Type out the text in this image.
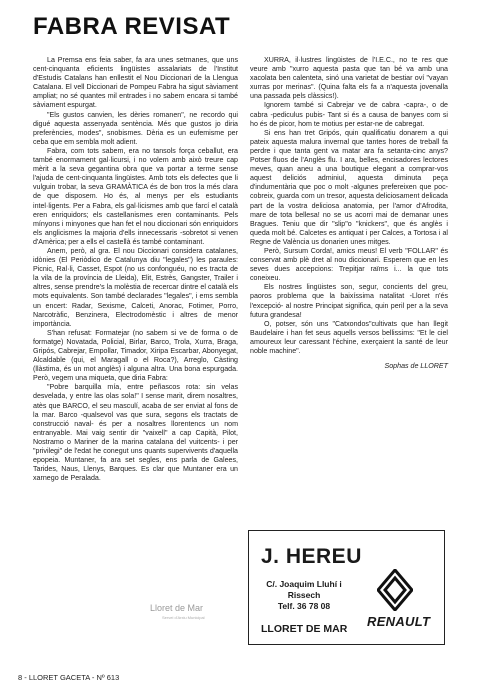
FABRA REVISAT

La Premsa ens feia saber, fa ara unes setmanes, que uns cent-cinquanta eficients lingüistes assalariats de l'Institut d'Estudis Catalans han enllestit el Nou Diccionari de la Llengua Catalana. El vell Diccionari de Pompeu Fabra ha sigut sàviament ampliat; no sé quantes mil entrades i no sabem encara si també sàviament espurgat.

"Els gustos canvien, les dèries romanen", ne recordo qui digué aquesta assenyada sentència. Més que gustos jo diria preferències, modes", snobismes. Dèria es un eufemisme per ceba que em sembla molt adient.

Fabra, com tots sabem, era no tansols força ceballut, era també enormament gal·licursi, i no volem amb això treure cap mèrit a la seva gegantina obra que va portar a terme sense l'ajuda de cent-cinquanta lingüistes. Amb tots els defectes que li vulguin trobar, la seva GRAMÀTICA és de bon tros la més clara de que disposem. Ho és, al menys per els estudiants intel·ligents. Per a Fabra, els gal·licismes amb que farcí el català eren enriquidors; els castellanismes eren contaminants. Pels mínyons i minyones que han fet el nou diccionari són enriquidors els anglicismes la majoria d'ells innecessaris -sobretot si venen d'Amèrica; per a ells el castellà és també contaminant.

Anem, però, al gra. El nou Diccionari considera catalanes, idònies (El Periòdico de Catalunya diu "legales") les paraules: Picnic, Ral·li, Casset, Espot (no us confonguéu, no es tracta de la vila de la província de Lleida), Elit, Estrès, Gangster, Trailer i altres, sense prendre's la molèstia de recercar dintre el català els mots equivalents. Son també declarades "legales", i ems sembla un encert: Radar, Sexisme, Calceti, Anorac, Fotimer, Porro, Narcotràfic, Benzinera, Electrodomèstic i altres de menor importància.

S'han refusat: Formatejar (no sabem si ve de forma o de formatge) Novatada, Policial, Birlar, Barco, Trola, Xurra, Braga, Gripós, Cabrejar, Empollar, Timador, Xiripa Escarbar, Abonyegat, Alcaldable (qui, el Maragall o el Roca?), Arreglo, Càsting (llàstima, és un mot anglès) i alguna altra. Una bona espurgada. Però, vegem una miqueta, que diria Fabra:

"Pobre barquilla mía, entre peñascos rota: sin velas desvelada, y entre las olas sola!" I sense marit, direm nosaltres, atès que BARCO, el seu masculí, acaba de ser enviat al fons de la mar. Barco -qualsevol vas que sura, segons els tractats de construcció naval- és per a nosaltres llorentencs un nom entranyable. Mai vaig sentir dir "vaixell" a cap Capità, Pilot, Nostramo o Mariner de la marina catalana del vuitcents- i per "privilegi" de l'edat he conegut uns quants supervivents d'aquella epopeia. Muntaner, fa ara set segles, ens parla de Galees, Tarides, Naus, Llenys, Barques. Es clar que Muntaner era un xarnego de Peralada.

XURRA, il·lustres lingüistes de l'I.E.C., no te res que veure amb "xurro aquesta pasta que tan bé va amb una xacolata ben calenteta, sinó una varietat de bestiar oví "vayan xurras por merinas". (Quina falta els fa a n'aquesta jovenalla una passada pels clàssics!).

Ignorem també si Cabrejar ve de cabra -capra-, o de cabra -pediculus pubis- Tant si és a causa de banyes com si ho és de picor, hom te motius per estar-ne de cabregat.

Si ens han tret Gripós, quin qualificatiu donarem a qui pateix aquesta malura invernal que tantes hores de treball fa perdre i que tanta gent va matar ara fa setanta-cinc anys? Potser fluos de l'Anglès flu. I ara, belles, encisadores lectores meves, quan aneu a una boutique elegant a comprar-vos aquest deliciós adminiul, aquesta diminuta peça d'indumentària que poc o molt -algunes prefereixen que poc- cobreix, guarda com un tresor, aquesta deliciosament delicada part de la vostra deliciosa anatomia, per l'amor d'Afrodita, mare de tota bellesa! no se us acorri mai de demanar unes Bragues. Teniu que dir "slip"o "knickers", que és anglès i queda molt bé. Calcetes es antiquat i per Calces, a Tortosa i al Regne de València us donarien unes mitges.

Però, Sursum Corda!, amics meus! El verb "FOLLAR" és conservat amb plè dret al nou diccionari. Esperem que en les seves dues accepcions: Trepitjar raïms i... la que tots coneixeu.

Els nostres lingüistes son, segur, concients del greu, paoros problema que la baixíssima natalitat -Lloret n'és l'excepció- al nostre Principat significa, quin peril per a la seva futura grandesa!

O, potser, són uns "Catxondos"cultivats que han llegit Baudelaire i han fet seus aquells versos bellissims: "Et le ciel amoureux leur caressant l'échine, exerçaient la santé de leur noble machine".

Sophas de LLORET

J. HEREU

C/. Joaquim Lluhí i Rissech
Telf. 36 78 08

RENAULT

LLORET DE MAR

Lloret de Mar
Servei d'Arxiu Municipal

8 - LLORET GACETA - Nº 613
